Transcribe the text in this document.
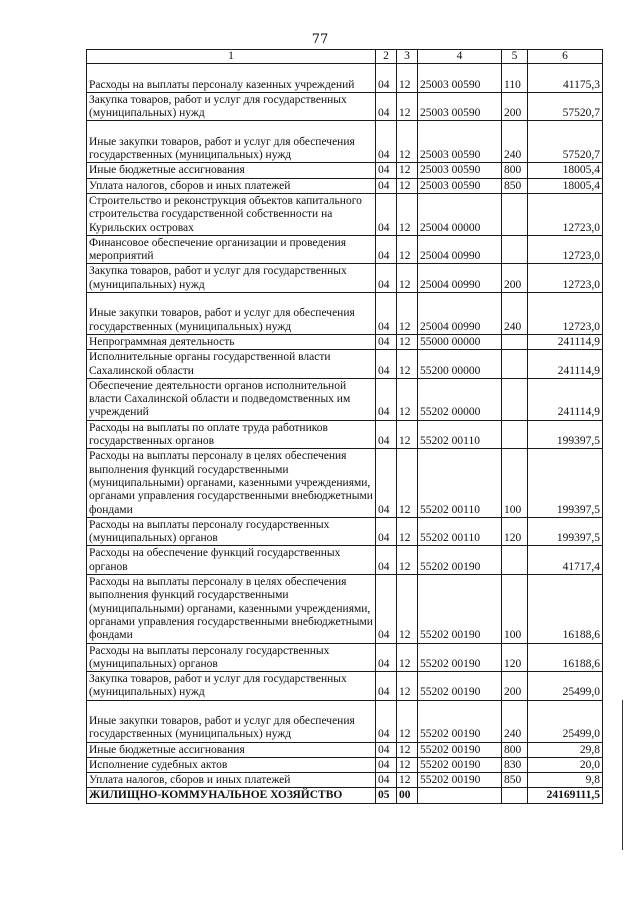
77
1	2	3	4	5	6
Расходы на выплаты персоналу казенных учреждений	04	12	25003 00590	110	41175,3
Закупка товаров, работ и услуг для государственных (муниципальных) нужд	04	12	25003 00590	200	57520,7
Иные закупки товаров, работ и услуг для обеспечения государственных (муниципальных) нужд	04	12	25003 00590	240	57520,7
Иные бюджетные ассигнования	04	12	25003 00590	800	18005,4
Уплата налогов, сборов и иных платежей	04	12	25003 00590	850	18005,4
Строительство и реконструкция объектов капитального строительства государственной собственности на Курильских островах	04	12	25004 00000		12723,0
Финансовое обеспечение организации и проведения мероприятий	04	12	25004 00990		12723,0
Закупка товаров, работ и услуг для государственных (муниципальных) нужд	04	12	25004 00990	200	12723,0
Иные закупки товаров, работ и услуг для обеспечения государственных (муниципальных) нужд	04	12	25004 00990	240	12723,0
Непрограммная деятельность	04	12	55000 00000		241114,9
Исполнительные органы государственной власти Сахалинской области	04	12	55200 00000		241114,9
Обеспечение деятельности органов исполнительной власти Сахалинской области и подведомственных им учреждений	04	12	55202 00000		241114,9
Расходы на выплаты по оплате труда работников государственных органов	04	12	55202 00110		199397,5
Расходы на выплаты персоналу в целях обеспечения выполнения функций государственными (муниципальными) органами, казенными учреждениями, органами управления государственными внебюджетными фондами	04	12	55202 00110	100	199397,5
Расходы на выплаты персоналу государственных (муниципальных) органов	04	12	55202 00110	120	199397,5
Расходы на обеспечение функций государственных органов	04	12	55202 00190		41717,4
Расходы на выплаты персоналу в целях обеспечения выполнения функций государственными (муниципальными) органами, казенными учреждениями, органами управления государственными внебюджетными фондами	04	12	55202 00190	100	16188,6
Расходы на выплаты персоналу государственных (муниципальных) органов	04	12	55202 00190	120	16188,6
Закупка товаров, работ и услуг для государственных (муниципальных) нужд	04	12	55202 00190	200	25499,0
Иные закупки товаров, работ и услуг для обеспечения государственных (муниципальных) нужд	04	12	55202 00190	240	25499,0
Иные бюджетные ассигнования	04	12	55202 00190	800	29,8
Исполнение судебных актов	04	12	55202 00190	830	20,0
Уплата налогов, сборов и иных платежей	04	12	55202 00190	850	9,8
ЖИЛИЩНО-КОММУНАЛЬНОЕ ХОЗЯЙСТВО	05	00			24169111,5
